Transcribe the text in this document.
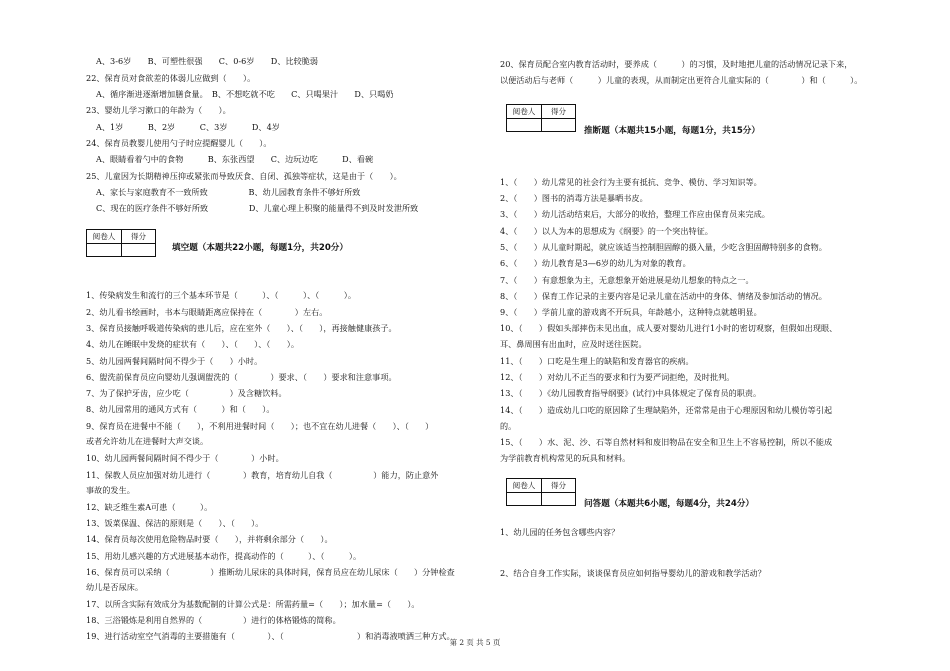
A、3-6岁　　B、可塑性很强　　C、0-6岁　　D、比较脆弱
22、保育员对食欲差的体弱儿应做到（　　）。
A、循序渐进逐渐增加膳食量。　B、不想吃就不吃　　C、只喝果汁　　D、只喝奶
23、婴幼儿学习漱口的年龄为（　　）。
A、1岁　　　B、2岁　　　C、3岁　　　D、4岁
24、保育员教婴儿使用勺子时应提醒婴儿（　　）。
A、眼睛看着勺中的食物　　　B、东张西望　　C、边玩边吃　　　D、看碗
25、儿童因为长期精神压抑或紧张而导致厌食、自闭、孤独等症状，这是由于（　　）。
A、家长与家庭教育不一致所致　　　　　B、幼儿园教育条件不够好所致
C、现在的医疗条件不够好所致　　　　　D、儿童心理上积聚的能量得不到及时发泄所致
阅卷人	得分
填空题（本题共22小题，每题1分，共20分）
1、传染病发生和流行的三个基本环节是（　　　）、（　　　）、（　　　）。
2、幼儿看书绘画时，书本与眼睛距离应保持在（　　　　）左右。
3、保育员接触呼吸道传染病的患儿后，应在室外（　　）、（　　），再接触健康孩子。
4、幼儿在睡眠中发烧的症状有（　　）、（　　）、（　　）。
5、幼儿园两餐间隔时间不得少于（　　）小时。
6、盥洗前保育员应向婴幼儿强调盥洗的（　　　　）要求、（　　）要求和注意事项。
7、为了保护牙齿，应少吃（　　　　　）及含糖饮料。
8、幼儿园常用的通风方式有（　　　）和（　　）。
9、保育员在进餐中不能（　　），不利用进餐时间（　　）；也不宜在幼儿进餐（　　）、（　　）
或者允许幼儿在进餐时大声交谈。
10、幼儿园两餐间隔时间不得少于（　　　　）小时。
11、保教人员应加强对幼儿进行（　　　　）教育，培育幼儿自我（　　　　　）能力，防止意外
事故的发生。
12、缺乏维生素A可患（　　　）。
13、饭菜保温、保洁的原则是（　　）、（　　）。
14、保育员每次使用危险物品时要（　　），并将剩余部分（　　）。
15、用幼儿感兴趣的方式进展基本动作，提高动作的（　　　）、（　　　）。
16、保育员可以采纳（　　　　　）推断幼儿尿床的具体时间，保育员应在幼儿尿床（　　）分钟检查
幼儿是否尿床。
17、以所含实际有效成分为基数配制的计算公式是：所需药量=（　　）；加水量=（　　）。
18、三浴锻炼是利用自然界的（　　　　　）进行的体格锻炼的简称。
19、进行活动室空气消毒的主要措施有（　　　　）、（　　　　　　　　　）和消毒液喷洒三种方式。
20、保育员配合室内教育活动时，要养成（　　　）的习惯，及时地把儿童的活动情况记录下来，
以便活动后与老师（　　　）儿童的表现，从而制定出更符合儿童实际的（　　　　）和（　　　）。
阅卷人	得分
推断题（本题共15小题，每题1分，共15分）
1、（　　）幼儿常见的社会行为主要有抵抗、竞争、模仿、学习知识等。
2、（　　）图书的消毒方法是暴晒书皮。
3、（　　）幼儿活动结束后，大部分的收拾，整理工作应由保育员来完成。
4、（　　）以人为本的思想成为《纲要》的一个突出特征。
5、（　　）从儿童时期起，就应该适当控制胆固醇的摄入量，少吃含胆固醇特别多的食物。
6、（　　）幼儿教育是3—6岁的幼儿为对象的教育。
7、（　　）有意想象为主，无意想象开始进展是幼儿想象的特点之一。
8、（　　）保育工作记录的主要内容是记录儿童在活动中的身体、情绪及参加活动的情况。
9、（　　）学前儿童的游戏离不开玩具，年龄越小，这种特点就越明显。
10、（　　）假如头部摔伤未见出血，成人要对婴幼儿进行1小时的密切观察，但假如出现眼、
耳、鼻周围有出血时，应及时送往医院。
11、（　　）口吃是生理上的缺陷和发育器官的疾病。
12、（　　）对幼儿不正当的要求和行为要严词拒绝，及时批判。
13、（　　）《幼儿园教育指导纲要》(试行)中具体规定了保育员的职责。
14、（　　）造成幼儿口吃的原因除了生理缺陷外，还常常是由于心理原因和幼儿模仿等引起
的。
15、（　　）水、泥、沙、石等自然材料和废旧物品在安全和卫生上不容易控制，所以不能成
为学前教育机构常见的玩具和材料。
阅卷人	得分
问答题（本题共6小题，每题4分，共24分）
1、幼儿园的任务包含哪些内容？
2、结合自身工作实际，谈谈保育员应如何指导婴幼儿的游戏和教学活动？
第 2 页 共 5 页
